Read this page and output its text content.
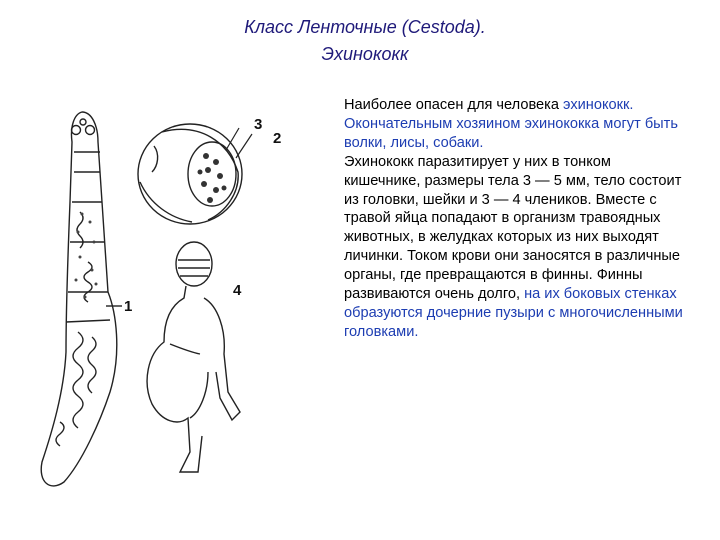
Класс Ленточные (Cestoda).
Эхинококк
1
2
3
4
Наиболее опасен для человека эхинококк. Окончательным хозяином эхинококка могут быть волки, лисы, собаки.
Эхинококк паразитирует у них в тонком кишечнике, размеры тела 3 — 5 мм, тело состоит из головки, шейки и 3 — 4 члеников. Вместе с травой яйца попадают в организм травоядных животных, в желудках которых из них выходят личинки. Током крови они заносятся в различные органы, где превращаются в финны. Финны развиваются очень долго, на их боковых стенках образуются дочерние пузыри с многочисленными головками.
